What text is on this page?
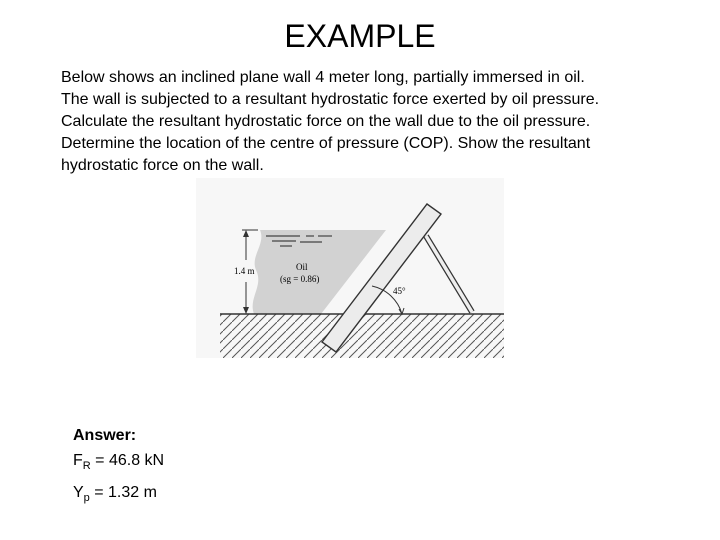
EXAMPLE
Below shows an inclined plane wall 4 meter long, partially immersed in oil.
The wall is subjected to a resultant hydrostatic force exerted by oil pressure.
Calculate the resultant hydrostatic force on the wall due to the oil pressure.
Determine the location of the centre of pressure (COP). Show the resultant
hydrostatic force on the wall.
45°
1.4 m	Oil
(sg = 0.86)
Answer:
$F_R = 46.8$ kN
$Y_p = 1.32$ m
